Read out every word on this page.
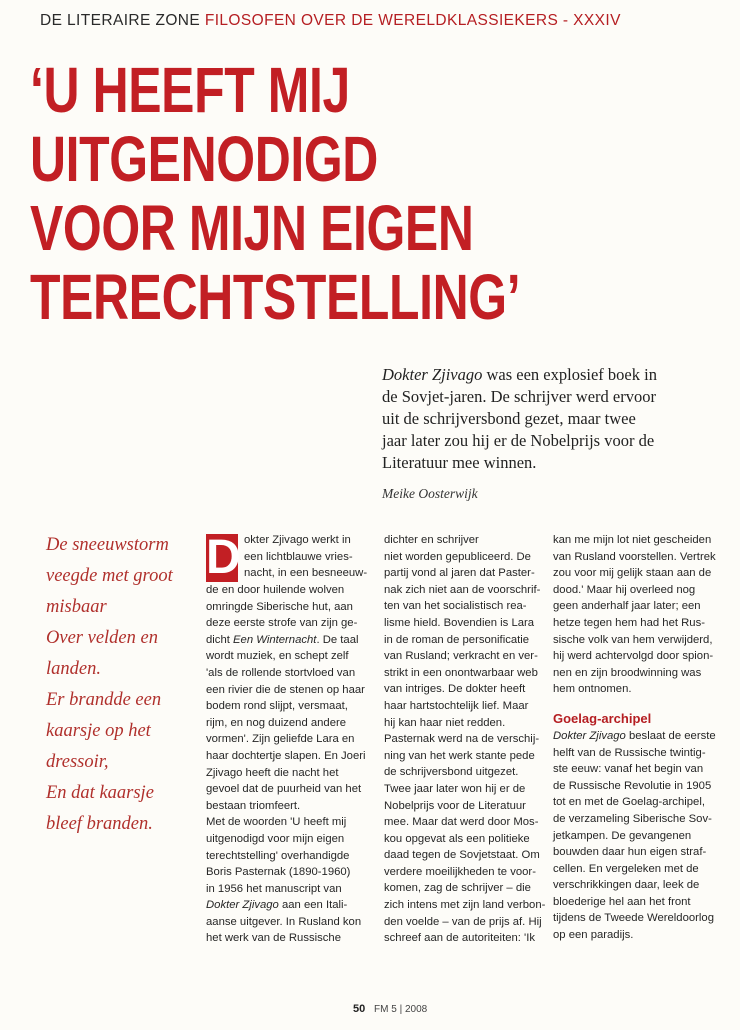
DE LITERAIRE ZONE FILOSOFEN OVER DE WERELDKLASSIEKERS - XXXIV
‘U HEEFT MIJ
UITGENODIGD
VOOR MIJN EIGEN
TERECHTSTELLING’
Dokter Zjivago was een explosief boek in
de Sovjet-jaren. De schrijver werd ervoor
uit de schrijversbond gezet, maar twee
jaar later zou hij er de Nobelprijs voor de
Literatuur mee winnen.
Meike Oosterwijk
De sneeuwstorm
veegde met groot
misbaar
Over velden en
landen.
Er brandde een
kaarsje op het
dressoir,
En dat kaarsje
bleef branden.
D okter Zjivago werkt in
een lichtblauwe vries-
nacht, in een besneeuw-
de en door huilende wolven
omringde Siberische hut, aan
deze eerste strofe van zijn ge-
dicht Een Winternacht. De taal
wordt muziek, en schept zelf
'als de rollende stortvloed van
een rivier die de stenen op haar
bodem rond slijpt, versmaat,
rijm, en nog duizend andere
vormen'. Zijn geliefde Lara en
haar dochtertje slapen. En Joeri
Zjivago heeft die nacht het
gevoel dat de puurheid van het
bestaan triomfeert.
Met de woorden 'U heeft mij
uitgenodigd voor mijn eigen
terechtstelling' overhandigde
Boris Pasternak (1890-1960)
in 1956 het manuscript van
Dokter Zjivago aan een Itali-
aanse uitgever. In Rusland kon
het werk van de Russische
dichter en schrijver
niet worden gepubliceerd. De
partij vond al jaren dat Paster-
nak zich niet aan de voorschrif-
ten van het socialistisch rea-
lisme hield. Bovendien is Lara
in de roman de personificatie
van Rusland; verkracht en ver-
strikt in een onontwarbaar web
van intriges. De dokter heeft
haar hartstochtelijk lief. Maar
hij kan haar niet redden.
Pasternak werd na de verschij-
ning van het werk stante pede
de schrijversbond uitgezet.
Twee jaar later won hij er de
Nobelprijs voor de Literatuur
mee. Maar dat werd door Mos-
kou opgevat als een politieke
daad tegen de Sovjetstaat. Om
verdere moeilijkheden te voor-
komen, zag de schrijver – die
zich intens met zijn land verbon-
den voelde – van de prijs af. Hij
schreef aan de autoriteiten: 'Ik
kan me mijn lot niet gescheiden
van Rusland voorstellen. Vertrek
zou voor mij gelijk staan aan de
dood.' Maar hij overleed nog
geen anderhalf jaar later; een
hetze tegen hem had het Rus-
sische volk van hem verwijderd,
hij werd achtervolgd door spion-
nen en zijn broodwinning was
hem ontnomen.
Goelag-archipel
Dokter Zjivago beslaat de eerste
helft van de Russische twintig-
ste eeuw: vanaf het begin van
de Russische Revolutie in 1905
tot en met de Goelag-archipel,
de verzameling Siberische Sov-
jetkampen. De gevangenen
bouwden daar hun eigen straf-
cellen. En vergeleken met de
verschrikkingen daar, leek de
bloederige hel aan het front
tijdens de Tweede Wereldoorlog
op een paradijs.
50 FM 5 | 2008
